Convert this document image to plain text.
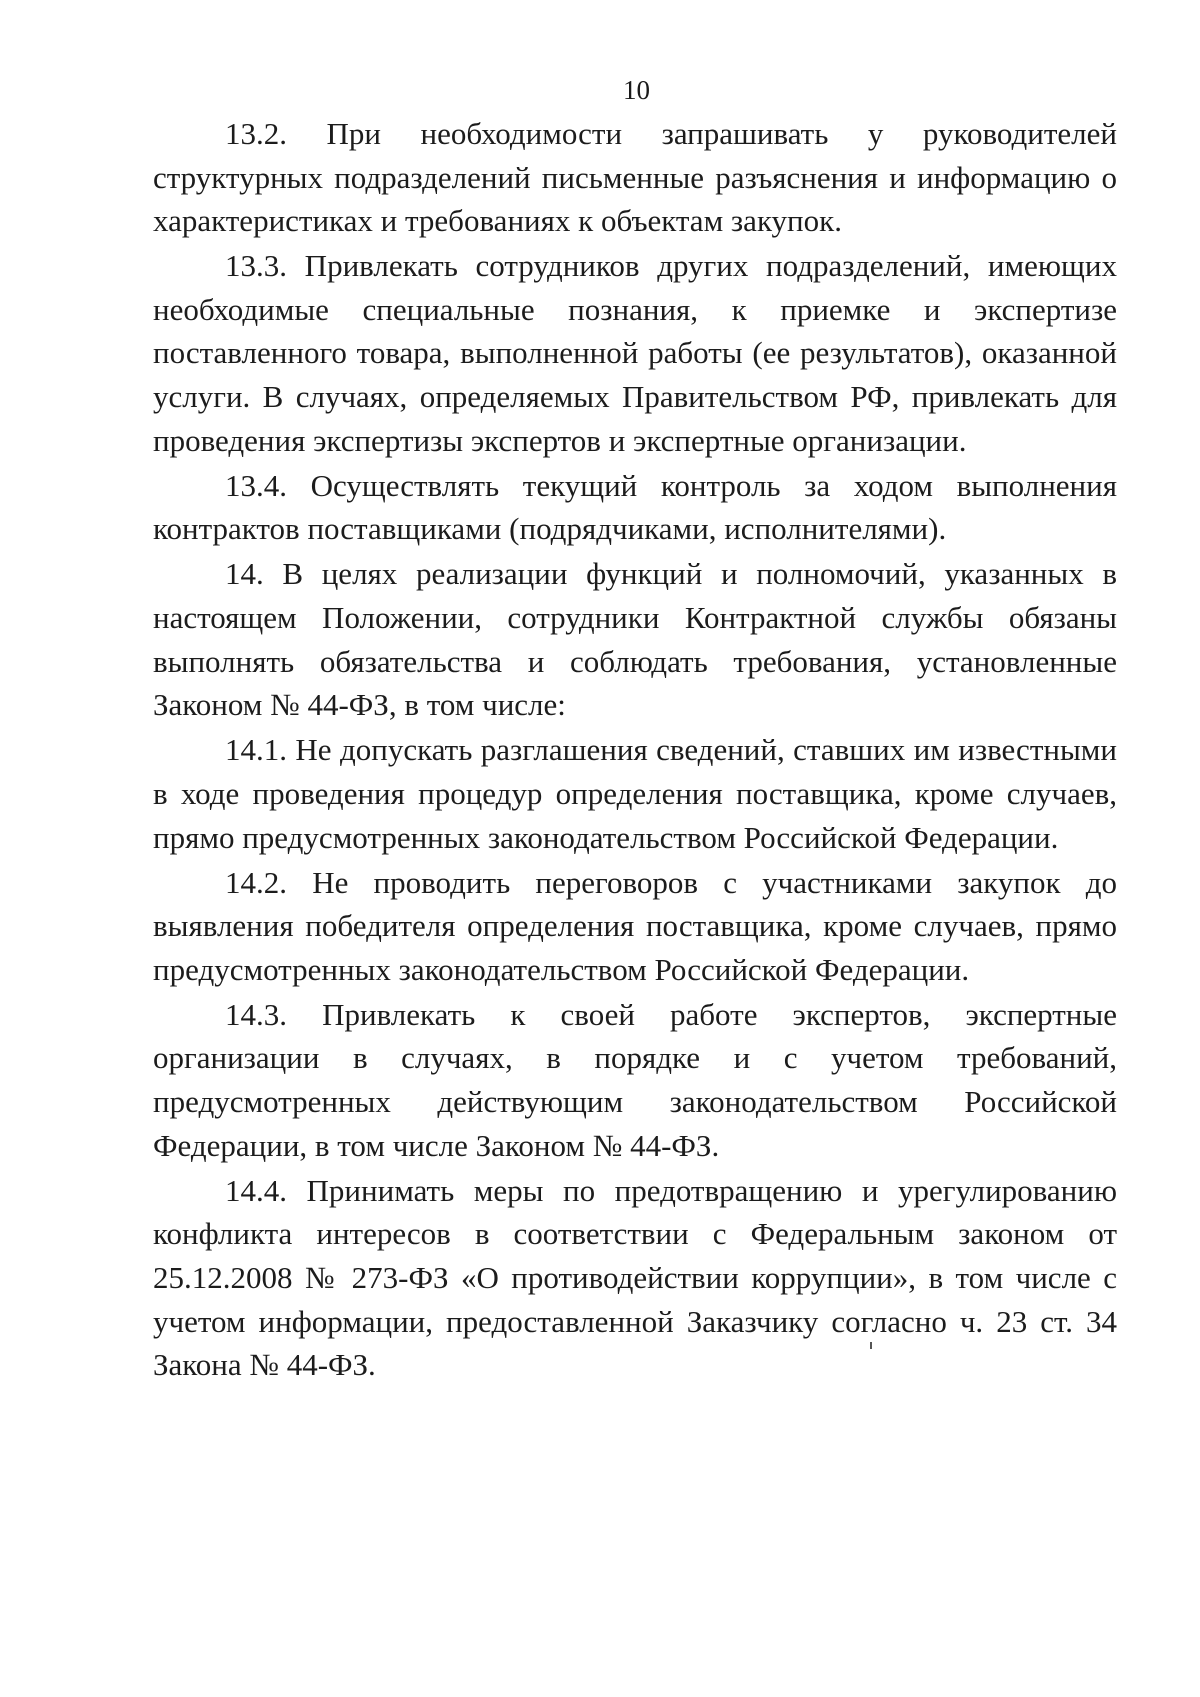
10

13.2. При необходимости запрашивать у руководителей структурных подразделений письменные разъяснения и информацию о характеристиках и требованиях к объектам закупок.

13.3. Привлекать сотрудников других подразделений, имеющих необходимые специальные познания, к приемке и экспертизе поставленного товара, выполненной работы (ее результатов), оказанной услуги. В случаях, определяемых Правительством РФ, привлекать для проведения экспертизы экспертов и экспертные организации.

13.4. Осуществлять текущий контроль за ходом выполнения контрактов поставщиками (подрядчиками, исполнителями).

14. В целях реализации функций и полномочий, указанных в настоящем Положении, сотрудники Контрактной службы обязаны выполнять обязательства и соблюдать требования, установленные Законом № 44-ФЗ, в том числе:

14.1. Не допускать разглашения сведений, ставших им известными в ходе проведения процедур определения поставщика, кроме случаев, прямо предусмотренных законодательством Российской Федерации.

14.2. Не проводить переговоров с участниками закупок до выявления победителя определения поставщика, кроме случаев, прямо предусмотренных законодательством Российской Федерации.

14.3. Привлекать к своей работе экспертов, экспертные организации в случаях, в порядке и с учетом требований, предусмотренных действующим законодательством Российской Федерации, в том числе Законом № 44-ФЗ.

14.4. Принимать меры по предотвращению и урегулированию конфликта интересов в соответствии с Федеральным законом от 25.12.2008 № 273-ФЗ «О противодействии коррупции», в том числе с учетом информации, предоставленной Заказчику согласно ч. 23 ст. 34 Закона № 44-ФЗ.
